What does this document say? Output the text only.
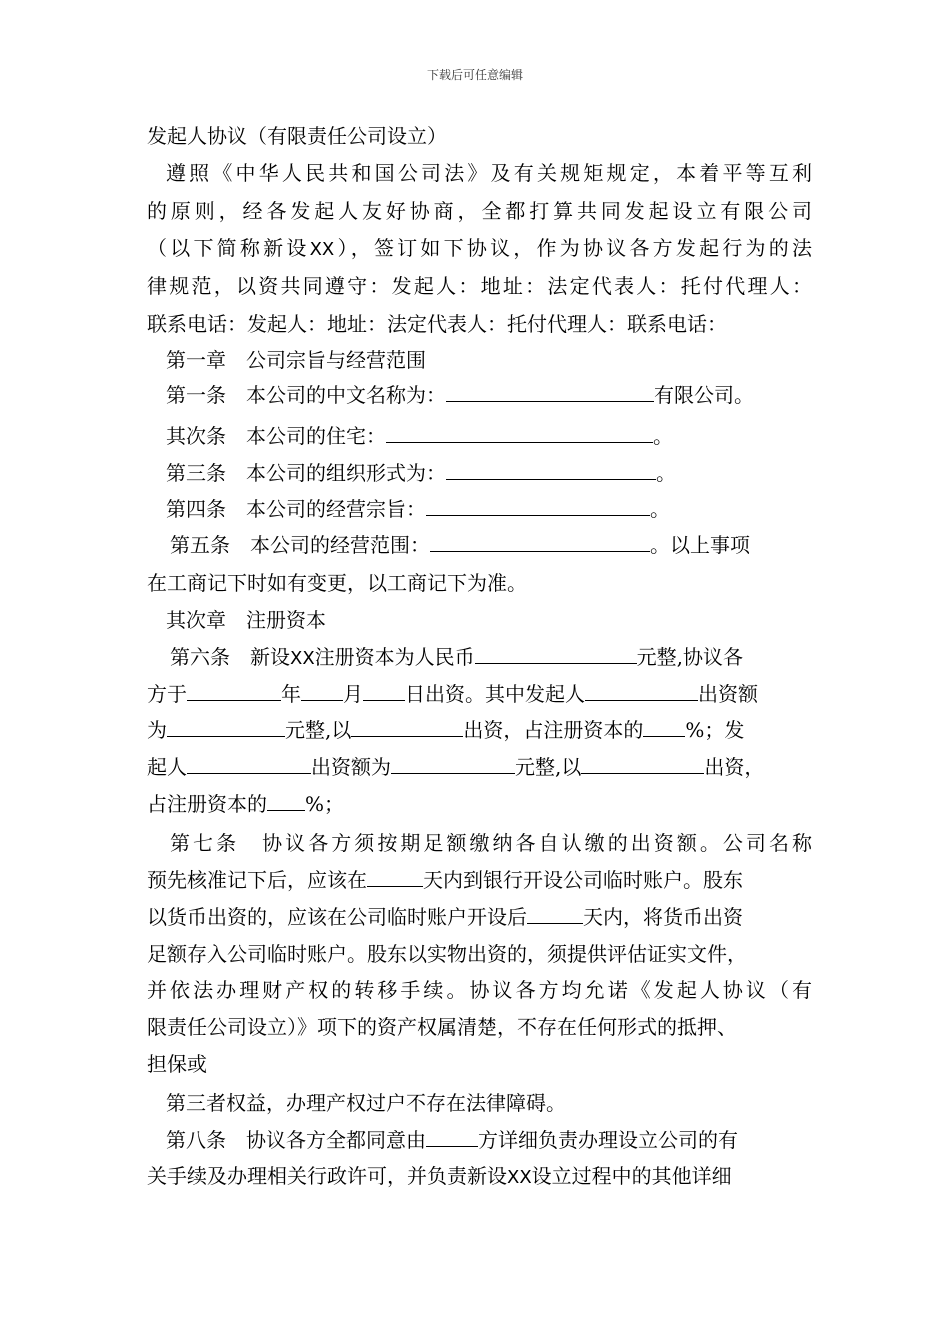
下载后可任意编辑
发起人协议（有限责任公司设立）
遵照《中华人民共和国公司法》及有关规矩规定，本着平等互利
的原则，经各发起人友好协商，全都打算共同发起设立有限公司
（以下简称新设XX），签订如下协议，作为协议各方发起行为的法
律规范，以资共同遵守：发起人：地址：法定代表人：托付代理人：
联系电话：发起人：地址：法定代表人：托付代理人：联系电话：
第一章　公司宗旨与经营范围
第一条　本公司的中文名称为：	有限公司。
其次条　本公司的住宅：	。
第三条　本公司的组织形式为：	。
第四条　本公司的经营宗旨：	。
第五条　本公司的经营范围：	。以上事项
在工商记下时如有变更，以工商记下为准。
其次章　注册资本
第六条　新设XX注册资本为人民币	元整,协议各
方于	年 月 日出资。其中发起人	出资额
为	元整,以	出资，占注册资本的 %；发
起人	出资额为	元整,以	出资，
占注册资本的 %；
第七条　协议各方须按期足额缴纳各自认缴的出资额。公司名称
预先核准记下后，应该在	天内到银行开设公司临时账户。股东
以货币出资的，应该在公司临时账户开设后	天内，将货币出资
足额存入公司临时账户。股东以实物出资的，须提供评估证实文件，
并依法办理财产权的转移手续。协议各方均允诺《发起人协议（有
限责任公司设立）》项下的资产权属清楚，不存在任何形式的抵押、
担保或
第三者权益，办理产权过户不存在法律障碍。
第八条　协议各方全都同意由	方详细负责办理设立公司的有
关手续及办理相关行政许可，并负责新设XX设立过程中的其他详细
